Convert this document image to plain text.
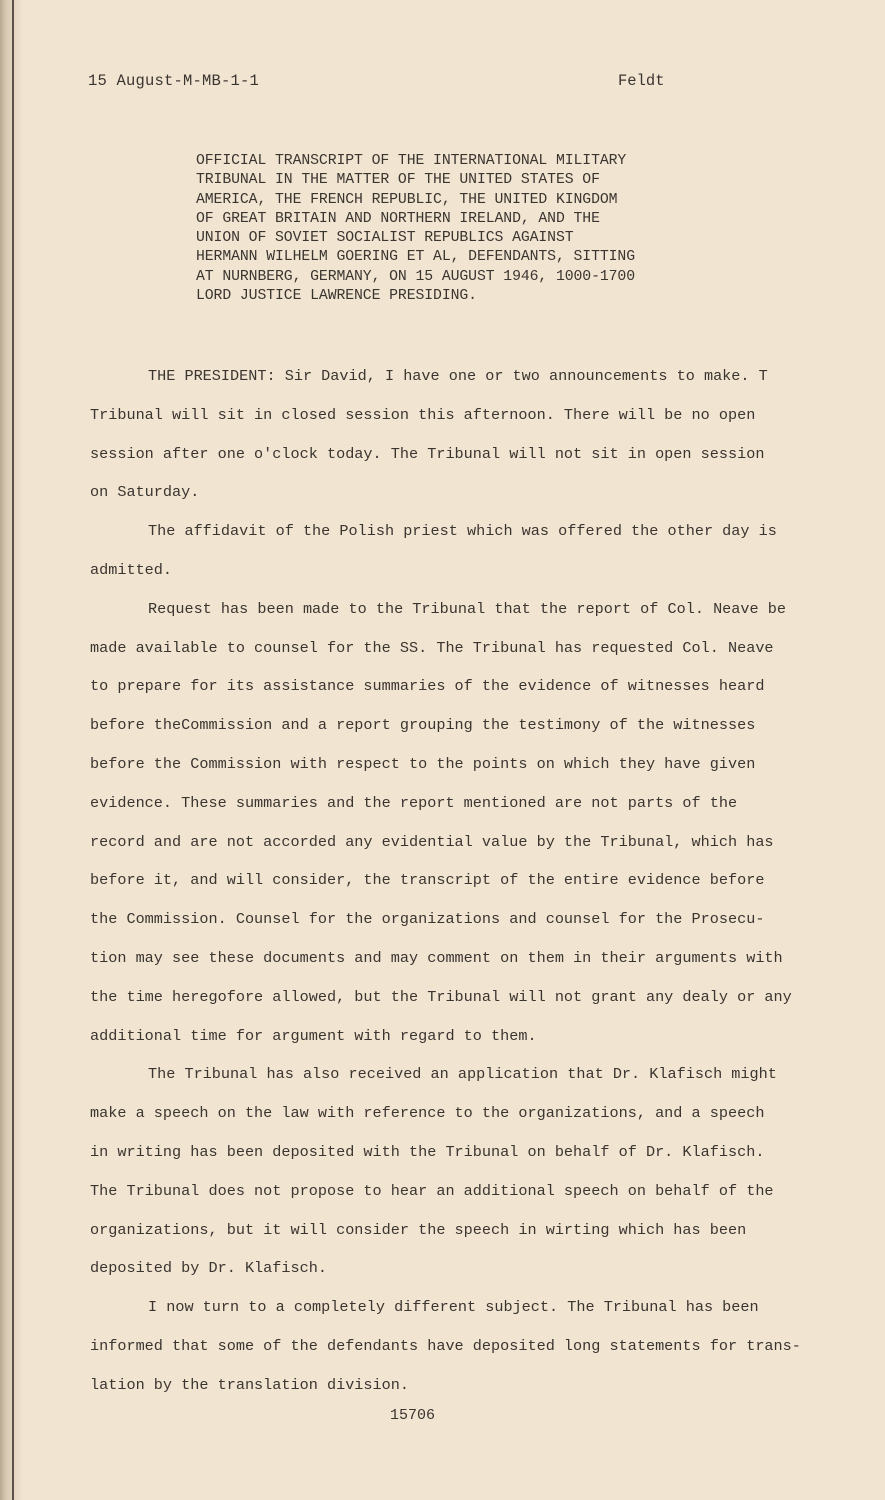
15 August-M-MB-1-1	Feldt
OFFICIAL TRANSCRIPT OF THE INTERNATIONAL MILITARY
TRIBUNAL IN THE MATTER OF THE UNITED STATES OF
AMERICA, THE FRENCH REPUBLIC, THE UNITED KINGDOM
OF GREAT BRITAIN AND NORTHERN IRELAND, AND THE
UNION OF SOVIET SOCIALIST REPUBLICS AGAINST
HERMANN WILHELM GOERING ET AL, DEFENDANTS, SITTING
AT NURNBERG, GERMANY, ON 15 AUGUST 1946, 1000-1700
LORD JUSTICE LAWRENCE PRESIDING.
THE PRESIDENT: Sir David, I have one or two announcements to make. T
Tribunal will sit in closed session this afternoon. There will be no open
session after one o'clock today. The Tribunal will not sit in open session
on Saturday.
The affidavit of the Polish priest which was offered the other day is
admitted.
Request has been made to the Tribunal that the report of Col. Neave be
made available to counsel for the SS. The Tribunal has requested Col. Neave
to prepare for its assistance summaries of the evidence of witnesses heard
before theCommission and a report grouping the testimony of the witnesses
before the Commission with respect to the points on which they have given
evidence. These summaries and the report mentioned are not parts of the
record and are not accorded any evidential value by the Tribunal, which has
before it, and will consider, the transcript of the entire evidence before
the Commission. Counsel for the organizations and counsel for the Prosecu-
tion may see these documents and may comment on them in their arguments with
the time heregofore allowed, but the Tribunal will not grant any dealy or any
additional time for argument with regard to them.
The Tribunal has also received an application that Dr. Klafisch might
make a speech on the law with reference to the organizations, and a speech
in writing has been deposited with the Tribunal on behalf of Dr. Klafisch.
The Tribunal does not propose to hear an additional speech on behalf of the
organizations, but it will consider the speech in wirting which has been
deposited by Dr. Klafisch.
I now turn to a completely different subject. The Tribunal has been
informed that some of the defendants have deposited long statements for trans-
lation by the translation division.
15706
